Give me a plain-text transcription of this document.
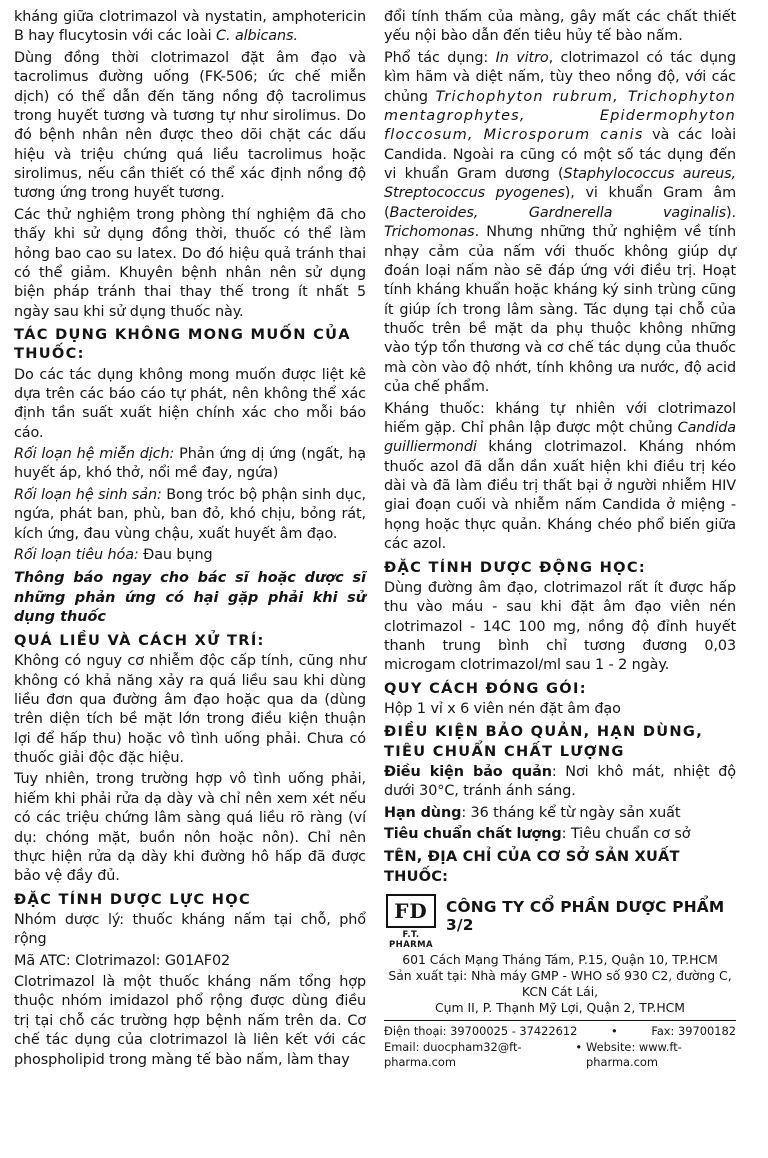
kháng giữa clotrimazol và nystatin, amphotericin B hay flucytosin với các loài C. albicans.

Dùng đồng thời clotrimazol đặt âm đạo và tacrolimus đường uống (FK-506; ức chế miễn dịch) có thể dẫn đến tăng nồng độ tacrolimus trong huyết tương và tương tự như sirolimus. Do đó bệnh nhân nên được theo dõi chặt các dấu hiệu và triệu chứng quá liều tacrolimus hoặc sirolimus, nếu cần thiết có thể xác định nồng độ tương ứng trong huyết tương.

Các thử nghiệm trong phòng thí nghiệm đã cho thấy khi sử dụng đồng thời, thuốc có thể làm hỏng bao cao su latex. Do đó hiệu quả tránh thai có thể giảm. Khuyên bệnh nhân nên sử dụng biện pháp tránh thai thay thế trong ít nhất 5 ngày sau khi sử dụng thuốc này.

TÁC DỤNG KHÔNG MONG MUỐN CỦA THUỐC:

Do các tác dụng không mong muốn được liệt kê dựa trên các báo cáo tự phát, nên không thể xác định tần suất xuất hiện chính xác cho mỗi báo cáo.

Rối loạn hệ miễn dịch: Phản ứng dị ứng (ngất, hạ huyết áp, khó thở, nổi mề đay, ngứa)

Rối loạn hệ sinh sản: Bong tróc bộ phận sinh dục, ngứa, phát ban, phù, ban đỏ, khó chịu, bỏng rát, kích ứng, đau vùng chậu, xuất huyết âm đạo.

Rối loạn tiêu hóa: Đau bụng

Thông báo ngay cho bác sĩ hoặc dược sĩ những phản ứng có hại gặp phải khi sử dụng thuốc
QUÁ LIỀU VÀ CÁCH XỬ TRÍ:

Không có nguy cơ nhiễm độc cấp tính, cũng như không có khả năng xảy ra quá liều sau khi dùng liều đơn qua đường âm đạo hoặc qua da (dùng trên diện tích bề mặt lớn trong điều kiện thuận lợi để hấp thu) hoặc vô tình uống phải. Chưa có thuốc giải độc đặc hiệu.

Tuy nhiên, trong trường hợp vô tình uống phải, hiếm khi phải rửa dạ dày và chỉ nên xem xét nếu có các triệu chứng lâm sàng quá liều rõ ràng (ví dụ: chóng mặt, buồn nôn hoặc nôn). Chỉ nên thực hiện rửa dạ dày khi đường hô hấp đã được bảo vệ đầy đủ.

ĐẶC TÍNH DƯỢC LỰC HỌC

Nhóm dược lý: thuốc kháng nấm tại chỗ, phổ rộng

Mã ATC: Clotrimazol: G01AF02

Clotrimazol là một thuốc kháng nấm tổng hợp thuộc nhóm imidazol phổ rộng được dùng điều trị tại chỗ các trường hợp bệnh nấm trên da. Cơ chế tác dụng của clotrimazol là liên kết với các phospholipid trong màng tế bào nấm, làm thay

đổi tính thấm của màng, gây mất các chất thiết yếu nội bào dẫn đến tiêu hủy tế bào nấm.

Phổ tác dụng: In vitro, clotrimazol có tác dụng kìm hãm và diệt nấm, tùy theo nồng độ, với các chủng Trichophyton rubrum, Trichophyton mentagrophytes, Epidermophyton floccosum, Microsporum canis và các loài Candida. Ngoài ra cũng có một số tác dụng đến vi khuẩn Gram dương (Staphylococcus aureus, Streptococcus pyogenes), vi khuẩn Gram âm (Bacteroides, Gardnerella vaginalis). Trichomonas. Nhưng những thử nghiệm về tính nhạy cảm của nấm với thuốc không giúp dự đoán loại nấm nào sẽ đáp ứng với điều trị. Hoạt tính kháng khuẩn hoặc kháng ký sinh trùng cũng ít giúp ích trong lâm sàng. Tác dụng tại chỗ của thuốc trên bề mặt da phụ thuộc không những vào týp tổn thương và cơ chế tác dụng của thuốc mà còn vào độ nhớt, tính không ưa nước, độ acid của chế phẩm.

Kháng thuốc: kháng tự nhiên với clotrimazol hiếm gặp. Chỉ phân lập được một chủng Candida guilliermondi kháng clotrimazol. Kháng nhóm thuốc azol đã dẫn dần xuất hiện khi điều trị kéo dài và đã làm điều trị thất bại ở người nhiễm HIV giai đoạn cuối và nhiễm nấm Candida ở miệng - họng hoặc thực quản. Kháng chéo phổ biến giữa các azol.

ĐẶC TÍNH DƯỢC ĐỘNG HỌC:

Dùng đường âm đạo, clotrimazol rất ít được hấp thu vào máu - sau khi đặt âm đạo viên nén clotrimazol - 14C 100 mg, nồng độ đỉnh huyết thanh trung bình chỉ tương đương 0,03 microgam clotrimazol/ml sau 1 - 2 ngày.

QUY CÁCH ĐÓNG GÓI:

Hộp 1 vỉ x 6 viên nén đặt âm đạo

ĐIỀU KIỆN BẢO QUẢN, HẠN DÙNG, TIÊU CHUẨN CHẤT LƯỢNG

Điều kiện bảo quản: Nơi khô mát, nhiệt độ dưới 30°C, tránh ánh sáng.

Hạn dùng: 36 tháng kể từ ngày sản xuất

Tiêu chuẩn chất lượng: Tiêu chuẩn cơ sở

TÊN, ĐỊA CHỈ CỦA CƠ SỞ SẢN XUẤT THUỐC:
FD
F.T. PHARMA
CÔNG TY CỔ PHẦN DƯỢC PHẨM 3/2
601 Cách Mạng Tháng Tám, P.15, Quận 10, TP.HCM
Sản xuất tại: Nhà máy GMP - WHO số 930 C2, đường C, KCN Cát Lái,
Cụm II, P. Thạnh Mỹ Lợi, Quận 2, TP.HCM
Điện thoại: 39700025 - 37422612	•	Fax: 39700182
Email: duocpham32@ft-pharma.com
• Website: www.ft-pharma.com
